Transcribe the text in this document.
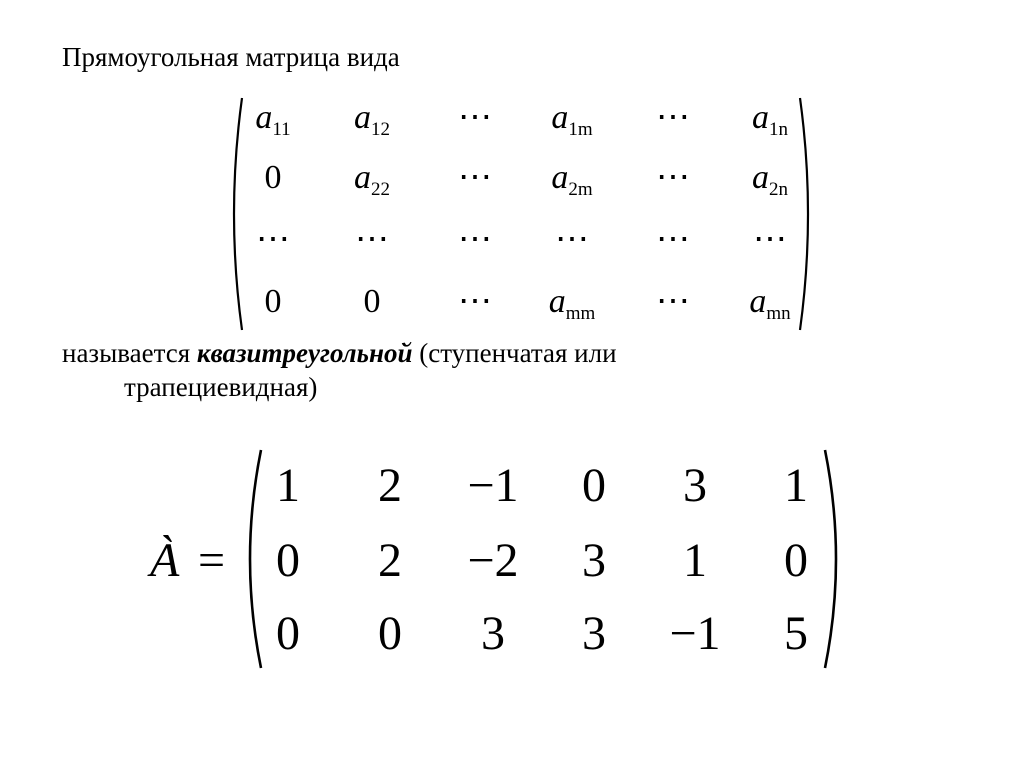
Прямоугольная матрица вида
$a_{11}$ $a_{12}$ ⋯ $a_{1m}$ ⋯ $a_{1n}$
0 $a_{22}$ ⋯ $a_{2m}$ ⋯ $a_{2n}$
⋯ ⋯ ⋯ ⋯ ⋯ ⋯
0 0 ⋯ $a_{mm}$ ⋯ $a_{mn}$
называется квазитреугольной (ступенчатая или
трапециевидная)
À =
1 2 −1 0 3 1
0 2 −2 3 1 0
0 0 3 3 −1 5
